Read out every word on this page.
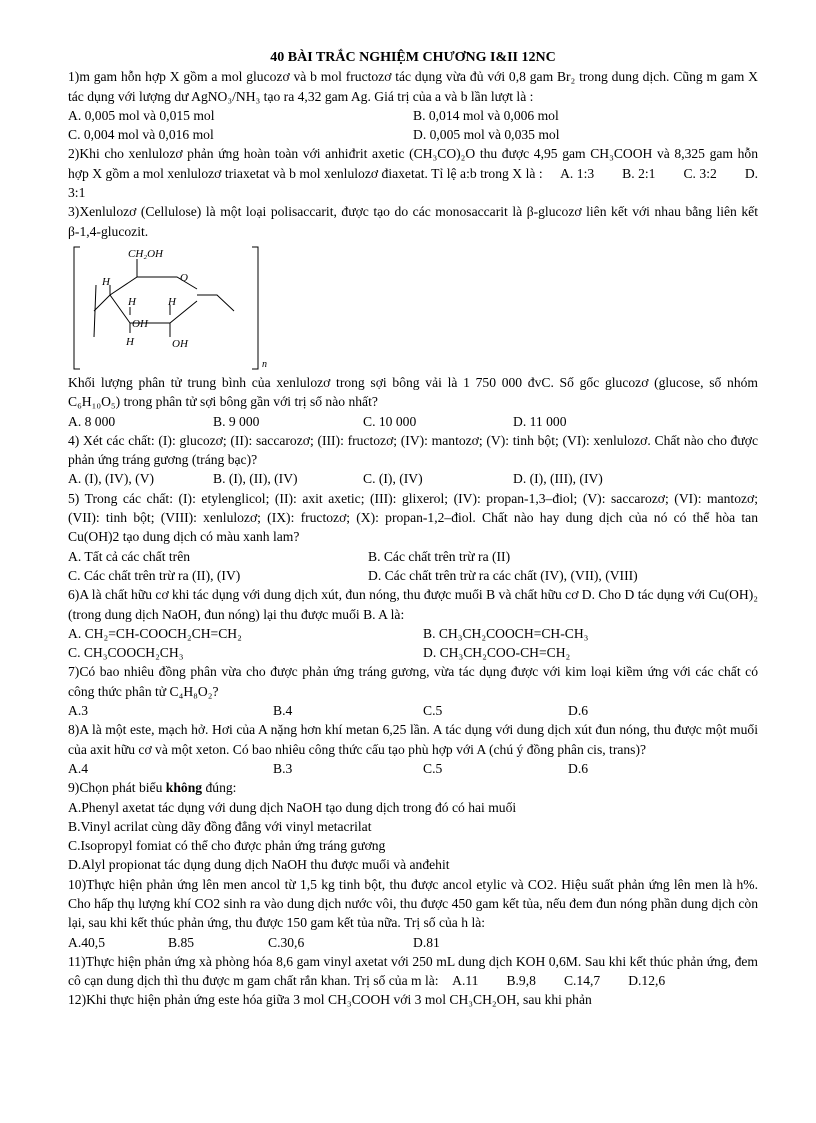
40 BÀI TRẮC NGHIỆM CHƯƠNG I&II 12NC

1)m gam hỗn hợp X gồm a mol glucozơ và b mol fructozơ tác dụng vừa đủ với 0,8 gam Br₂ trong dung dịch. Cũng m gam X tác dụng với lượng dư AgNO₃/NH₃ tạo ra 4,32 gam Ag. Giá trị của a và b lần lượt là :

A. 0,005 mol và 0,015 mol	B. 0,014 mol và 0,006 mol
C. 0,004 mol và 0,016 mol	D. 0,005 mol và 0,035 mol

2)Khi cho xenlulozơ phản ứng hoàn toàn với anhiđrit axetic (CH₃CO)₂O thu được 4,95 gam CH₃COOH và 8,325 gam hỗn hợp X gồm a mol xenlulozơ triaxetat và b mol xenlulozơ điaxetat. Tỉ lệ a:b trong X là : A. 1:3 B. 2:1 C. 3:2 D. 3:1

3)Xenlulozơ (Cellulose) là một loại polisaccarit, được tạo do các monosaccarit là β-glucozơ liên kết với nhau bằng liên kết β-1,4-glucozit.

CH₂OH
H	O
H
OH
H
H	OH
n

Khối lượng phân tử trung bình của xenlulozơ trong sợi bông vải là 1 750 000 đvC. Số gốc glucozơ (glucose, số nhóm C₆H₁₀O₅) trong phân tử sợi bông gần với trị số nào nhất?

A. 8 000	B. 9 000	C. 10 000	D. 11 000

4) Xét các chất: (I): glucozơ; (II): saccarozơ; (III): fructozơ; (IV): mantozơ; (V): tinh bột; (VI): xenlulozơ. Chất nào cho được phản ứng tráng gương (tráng bạc)?

A. (I), (IV), (V)	B. (I), (II), (IV)	C. (I), (IV)	D. (I), (III), (IV)

5) Trong các chất: (I): etylenglicol; (II): axit axetic; (III): glixerol; (IV): propan-1,3–điol; (V): saccarozơ; (VI): mantozơ; (VII): tinh bột; (VIII): xenlulozơ; (IX): fructozơ; (X): propan-1,2–điol. Chất nào hay dung dịch của nó có thể hòa tan Cu(OH)2 tạo dung dịch có màu xanh lam?

A. Tất cả các chất trên	B. Các chất trên trừ ra (II)
C. Các chất trên trừ ra (II), (IV)	D. Các chất trên trừ ra các chất (IV), (VII), (VIII)

6)A là chất hữu cơ khi tác dụng với dung dịch xút, đun nóng, thu được muối B và chất hữu cơ D. Cho D tác dụng với Cu(OH)₂ (trong dung dịch NaOH, đun nóng) lại thu được muối B. A là:

A. CH₂=CH-COOCH₂CH=CH₂	B. CH₃CH₂COOCH=CH-CH₃
C. CH₃COOCH₂CH₃	D. CH₃CH₂COO-CH=CH₂

7)Có bao nhiêu đồng phân vừa cho được phản ứng tráng gương, vừa tác dụng được với kim loại kiềm ứng với các chất có công thức phân tử C₄H₈O₂?

A.3	B.4	C.5	D.6

8)A là một este, mạch hở. Hơi của A nặng hơn khí metan 6,25 lần. A tác dụng với dung dịch xút đun nóng, thu được một muối của axit hữu cơ và một xeton. Có bao nhiêu công thức cấu tạo phù hợp với A (chú ý đồng phân cis, trans)?

A.4	B.3	C.5	D.6

9)Chọn phát biểu không đúng:

A.Phenyl axetat tác dụng với dung dịch NaOH tạo dung dịch trong đó có hai muối

B.Vinyl acrilat cùng dãy đồng đẳng với vinyl metacrilat

C.Isopropyl fomiat có thể cho được phản ứng tráng gương

D.Alyl propionat tác dụng dung dịch NaOH thu được muối và anđehit

10)Thực hiện phản ứng lên men ancol từ 1,5 kg tinh bột, thu được ancol etylic và CO2. Hiệu suất phản ứng lên men là h%. Cho hấp thụ lượng khí CO2 sinh ra vào dung dịch nước vôi, thu được 450 gam kết tủa, nếu đem đun nóng phần dung dịch còn lại, sau khi kết thúc phản ứng, thu được 150 gam kết tủa nữa. Trị số của h là:

A.40,5	B.85	C.30,6	D.81

11)Thực hiện phản ứng xà phòng hóa 8,6 gam vinyl axetat với 250 mL dung dịch KOH 0,6M. Sau khi kết thúc phản ứng, đem cô cạn dung dịch thì thu được m gam chất rắn khan. Trị số của m là: A.11 B.9,8 C.14,7 D.12,6

12)Khi thực hiện phản ứng este hóa giữa 3 mol CH₃COOH với 3 mol CH₃CH₂OH, sau khi phản
